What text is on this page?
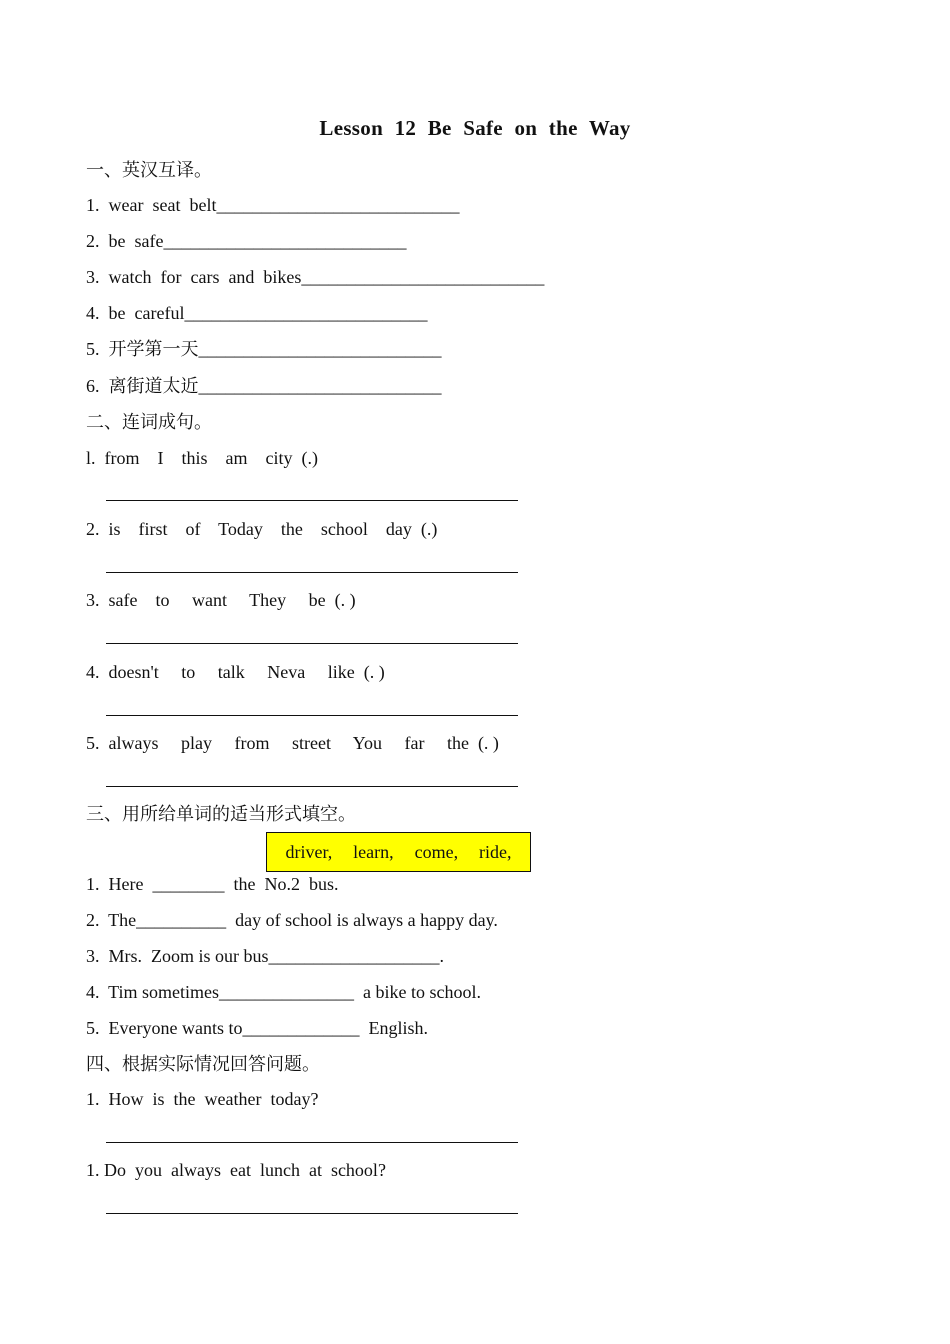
Lesson 12 Be Safe on the Way
一、英汉互译。
1.  wear  seat  belt___________________________
2.  be  safe___________________________
3.  watch  for  cars  and  bikes___________________________
4.  be  careful___________________________
5.  开学第一天___________________________
6.  离街道太近___________________________
二、连词成句。
l.  from    I    this    am    city  (.)
2.  is    first    of    Today    the    school    day  (.)
3.  safe    to     want     They     be  (. )
4.  doesn't     to     talk     Neva     like  (. )
5.  always     play     from     street     You     far     the  (. )
三、用所给单词的适当形式填空。
driver, learn, come, ride,
1.  Here  ________  the  No.2  bus.
2.  The__________  day of school is always a happy day.
3.  Mrs.  Zoom is our bus___________________.
4.  Tim sometimes_______________  a bike to school.
5.  Everyone wants to_____________  English.
四、根据实际情况回答问题。
1.  How  is  the  weather  today?
1. Do  you  always  eat  lunch  at  school?
